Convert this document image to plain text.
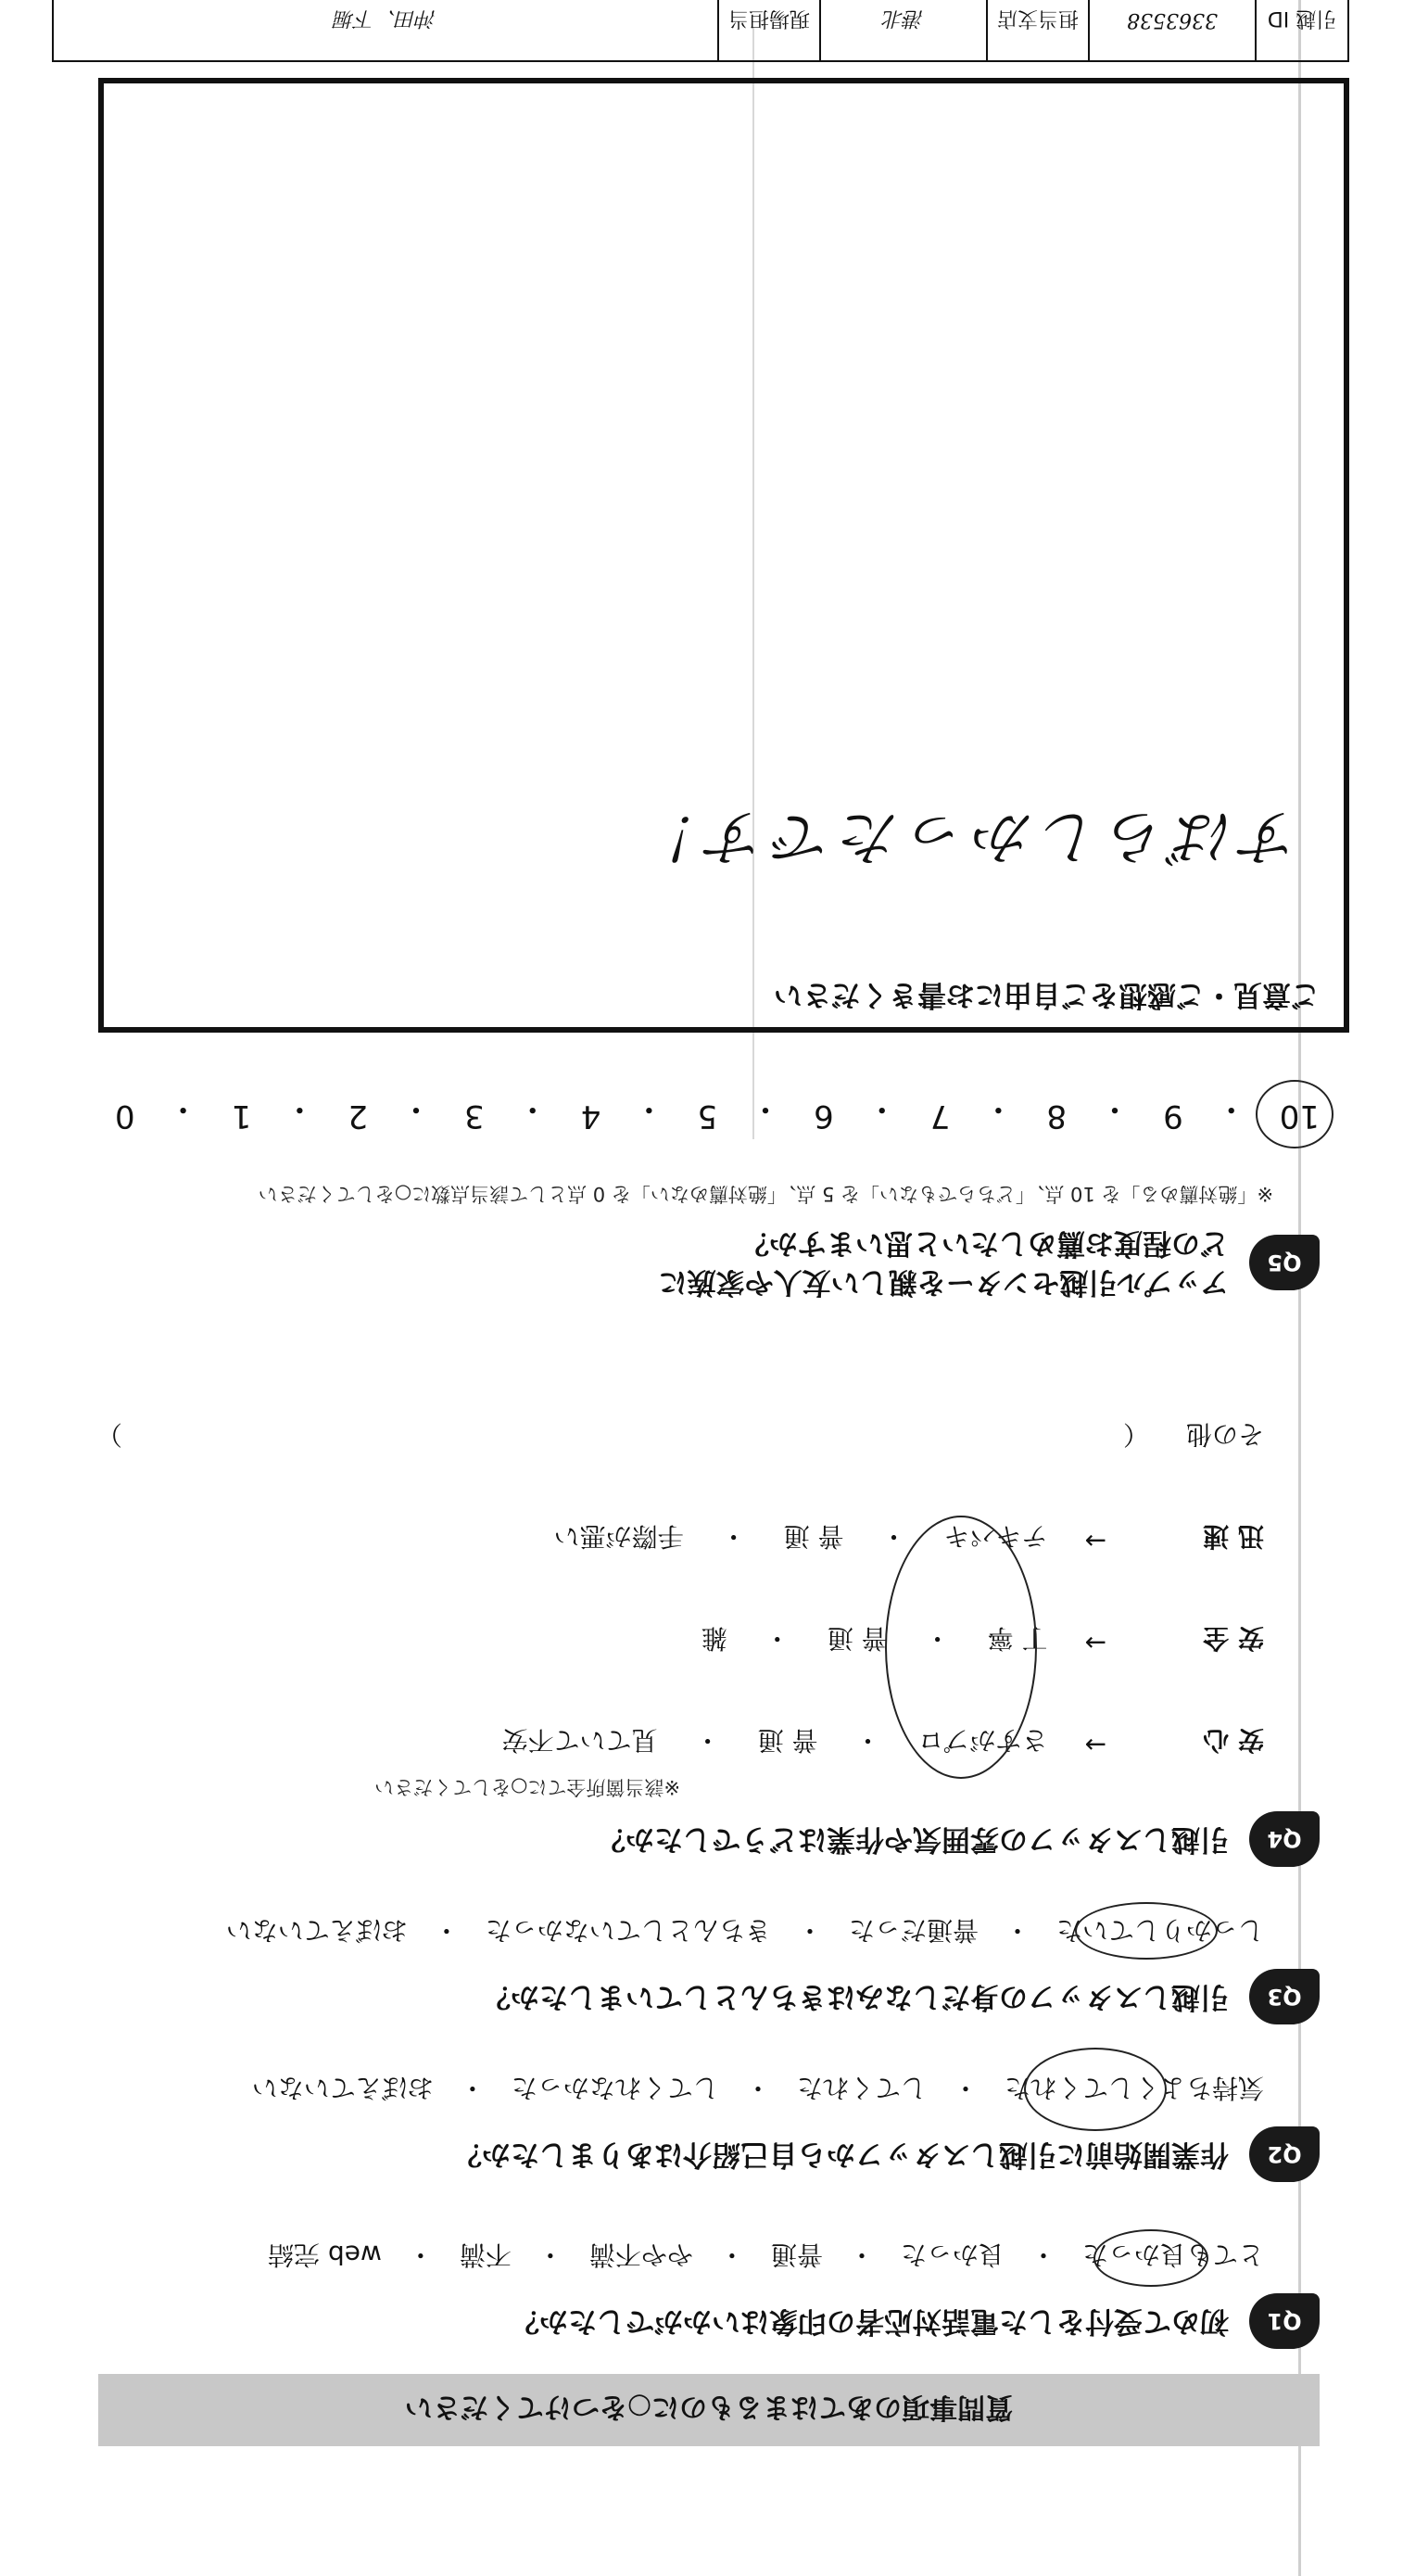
質問事項のあてはまるものに○をつけてください
Q1
初めて受付をした電話対応者の印象はいかがでしたか？
とても良かった
・
良かった
・
普通
・
やや不満
・
不満
・
web 完結
Q2
作業開始前に引越しスタッフから自己紹介はありましたか？
気持ちよくしてくれた
・
してくれた
・
してくれなかった
・
おぼえていない
Q3
引越しスタッフの身だしなみはきちんとしていましたか？
しっかりしていた
・
普通だった
・
きちんとしていなかった
・
おぼえていない
Q4
引越しスタッフの雰囲気や作業はどうでしたか？
※該当箇所全てに○をしてください
安 心
→
さすがプロ
・
普 通
・
見ていて不安
安 全
→
丁 寧
・
普 通
・
雑
迅 速
→
テキパキ
・
普 通
・
手際が悪い
その他
（
）
Q5
アップル引越センターを親しい友人や家族に
どの程度お薦めしたいと思いますか？
※「絶対薦める」を 10 点、「どちらでもない」を 5 点、「絶対薦めない」を 0 点として該当点数に○をしてください
10
・
9
・
8
・
7
・
6
・
5
・
4
・
3
・
2
・
1
・
0
ご意見・ご感想をご自由にお書きください
すばらしかったです！
引越 ID
3363538
担当支店
港北
現場担当
沖田、下堀
